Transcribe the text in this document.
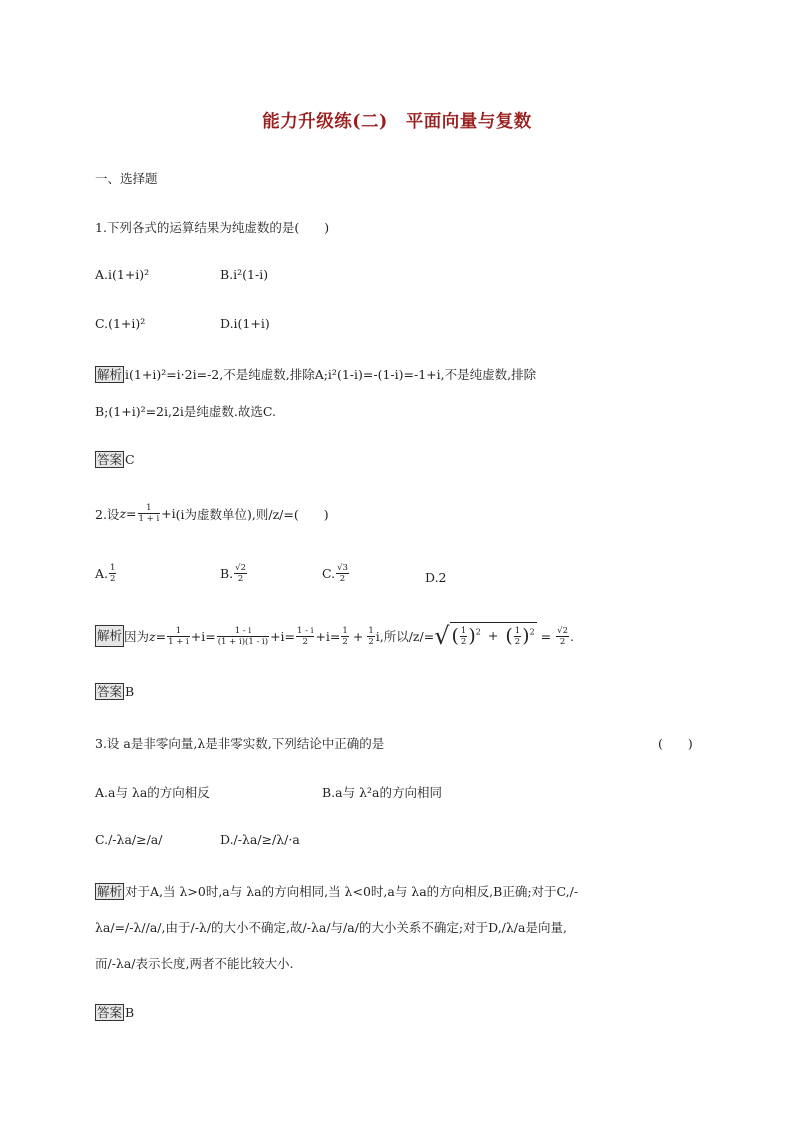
能力升级练(二)　平面向量与复数
一、选择题
1.下列各式的运算结果为纯虚数的是(　　)
A.i(1+i)²	B.i²(1-i)
C.(1+i)²	D.i(1+i)
解析 i(1+i)²=i·2i=-2,不是纯虚数,排除A;i²(1-i)=-(1-i)=-1+i,不是纯虚数,排除
B;(1+i)²=2i,2i是纯虚数.故选C.
答案 C
2.设 $z = \frac{1}{1 + i} +i$ (i为虚数单位),则/z/=(　　)
A. $\frac{1}{2}$	B. $\frac{√2}{2}$	C. $\frac{√3}{2}$	D.2
解析 因为 $z = \frac{1}{1 + i} +i = \frac{1 - i}{(1 + i)(1 - i)} +i = \frac{1 - i}{2} +i = \frac{1}{2} + \frac{1}{2}$ i ,所以/z/= √ ( $\frac{1}{2} )^2$ + ( $\frac{1}{2} )^2 = \frac{√2}{2}$ .
答案 B
3.设 a是非零向量,λ是非零实数,下列结论中正确的是	(　　)
A.a与 λa的方向相反	B.a与 λ²a的方向相同
C./-λa/≥/a/	D./-λa/≥/λ/·a
解析 对于A,当 λ>0时,a与 λa的方向相同,当 λ<0时,a与 λa的方向相反,B正确;对于C,/-
λa/=/-λ//a/,由于/-λ/的大小不确定,故/-λa/与/a/的大小关系不确定;对于D,/λ/a是向量,
而/-λa/表示长度,两者不能比较大小.
答案 B
